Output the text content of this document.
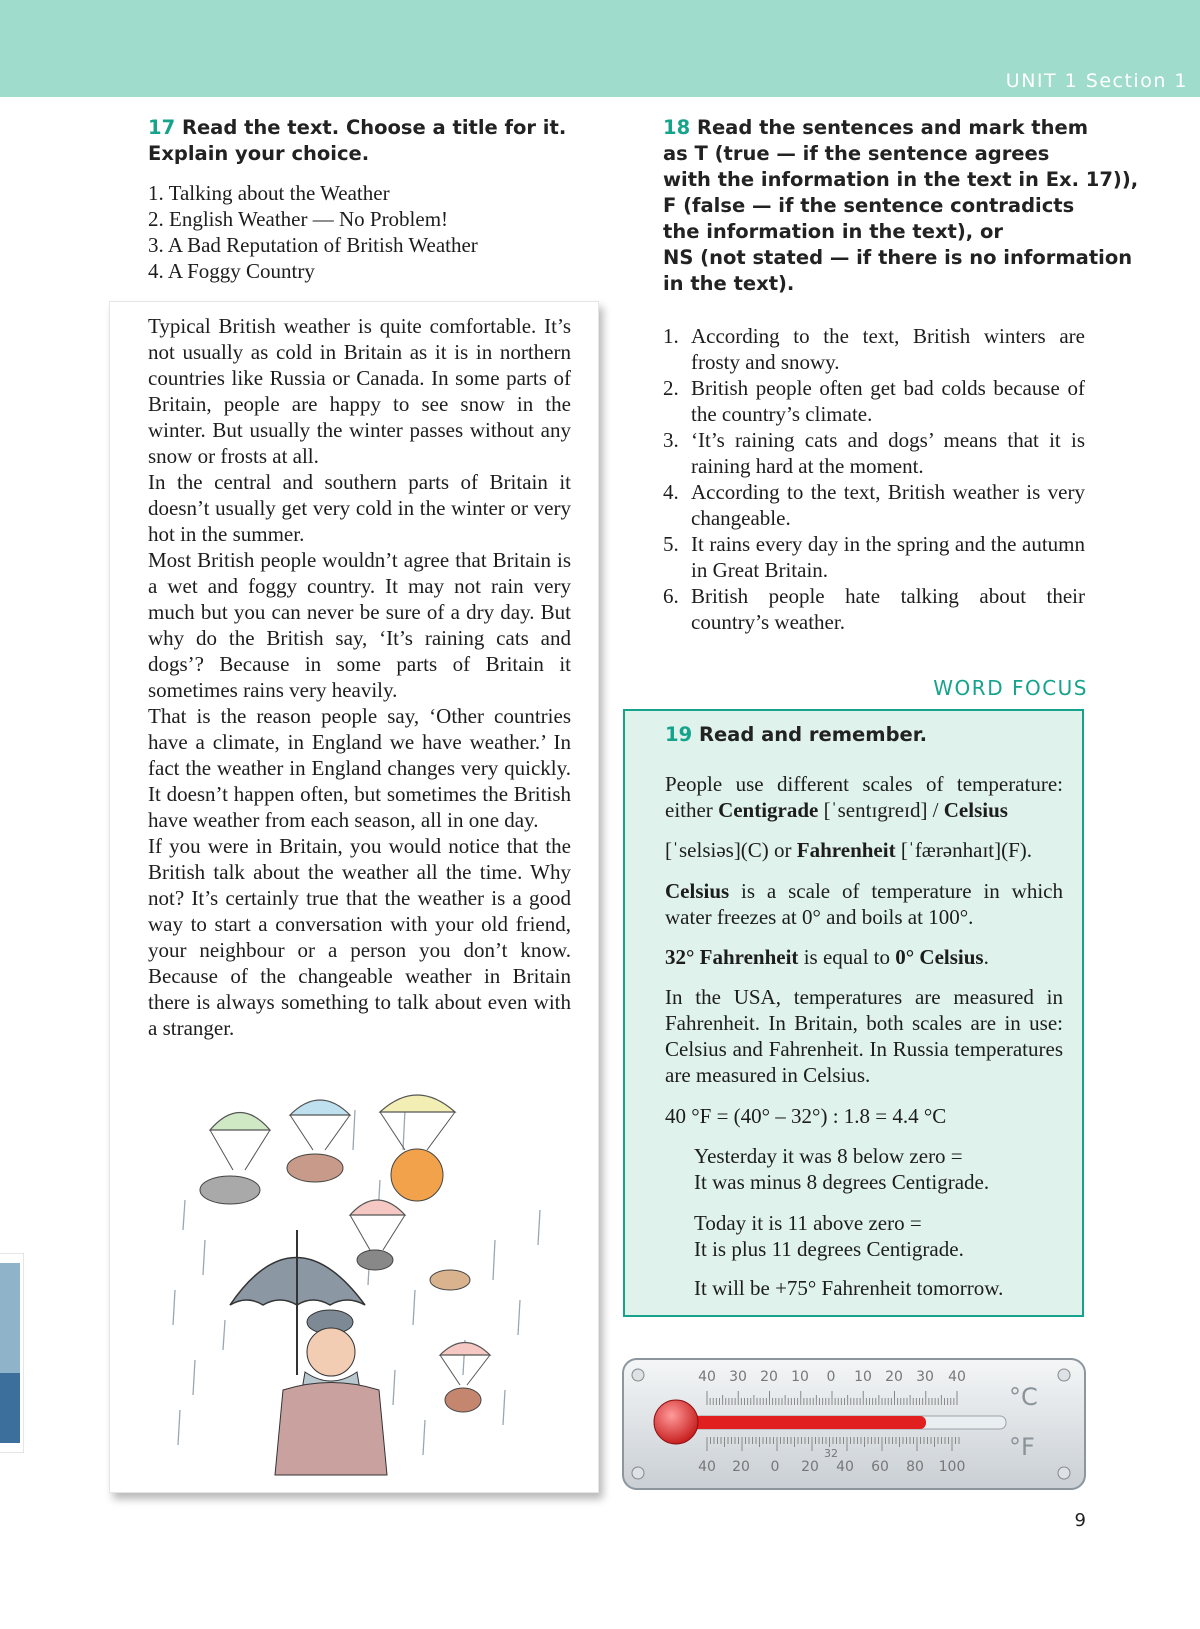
UNIT 1 Section 1
17 Read the text. Choose a title for it.
Explain your choice.
1. Talking about the Weather
2. English Weather — No Problem!
3. A Bad Reputation of British Weather
4. A Foggy Country

Typical British weather is quite comfortable. It’s not usually as cold in Britain as it is in northern countries like Russia or Canada. In some parts of Britain, people are happy to see snow in the winter. But usually the winter passes without any snow or frosts at all.

In the central and southern parts of Britain it doesn’t usually get very cold in the winter or very hot in the summer.

Most British people wouldn’t agree that Britain is a wet and foggy country. It may not rain very much but you can never be sure of a dry day. But why do the British say, ‘It’s raining cats and dogs’? Because in some parts of Britain it sometimes rains very heavily.

That is the reason people say, ‘Other countries have a climate, in England we have weather.’ In fact the weather in England changes very quickly. It doesn’t happen often, but sometimes the British have weather from each season, all in one day.

If you were in Britain, you would notice that the British talk about the weather all the time. Why not? It’s certainly true that the weather is a good way to start a conversation with your old friend, your neighbour or a person you don’t know. Because of the changeable weather in Britain there is always something to talk about even with a stranger.

18 Read the sentences and mark them
as T (true — if the sentence agrees
with the information in the text in Ex. 17)),
F (false — if the sentence contradicts
the information in the text), or
NS (not stated — if there is no information
in the text).
1. According to the text, British winters are frosty and snowy.
2. British people often get bad colds because of the country’s climate.
3. ‘It’s raining cats and dogs’ means that it is raining hard at the moment.
4. According to the text, British weather is very changeable.
5. It rains every day in the spring and the autumn in Great Britain.
6. British people hate talking about their country’s weather.
WORD FOCUS
19 Read and remember.
People use different scales of temperature: either Centigrade [ˈsentɪgreɪd] / Celsius

[ˈselsiəs](C) or Fahrenheit [ˈfærənhaɪt](F).
Celsius is a scale of temperature in which water freezes at 0° and boils at 100°.
32° Fahrenheit is equal to 0° Celsius.
In the USA, temperatures are measured in Fahrenheit. In Britain, both scales are in use: Celsius and Fahrenheit. In Russia temperatures are measured in Celsius.
40 °F = (40° – 32°) : 1.8 = 4.4 °C
Yesterday it was 8 below zero =
It was minus 8 degrees Centigrade.
Today it is 11 above zero =
It is plus 11 degrees Centigrade.
It will be +75° Fahrenheit tomorrow.
40 30 20 10 0 10 20 30 40
40 20 0 20 40 60 80 100
32
°C
°F
9
